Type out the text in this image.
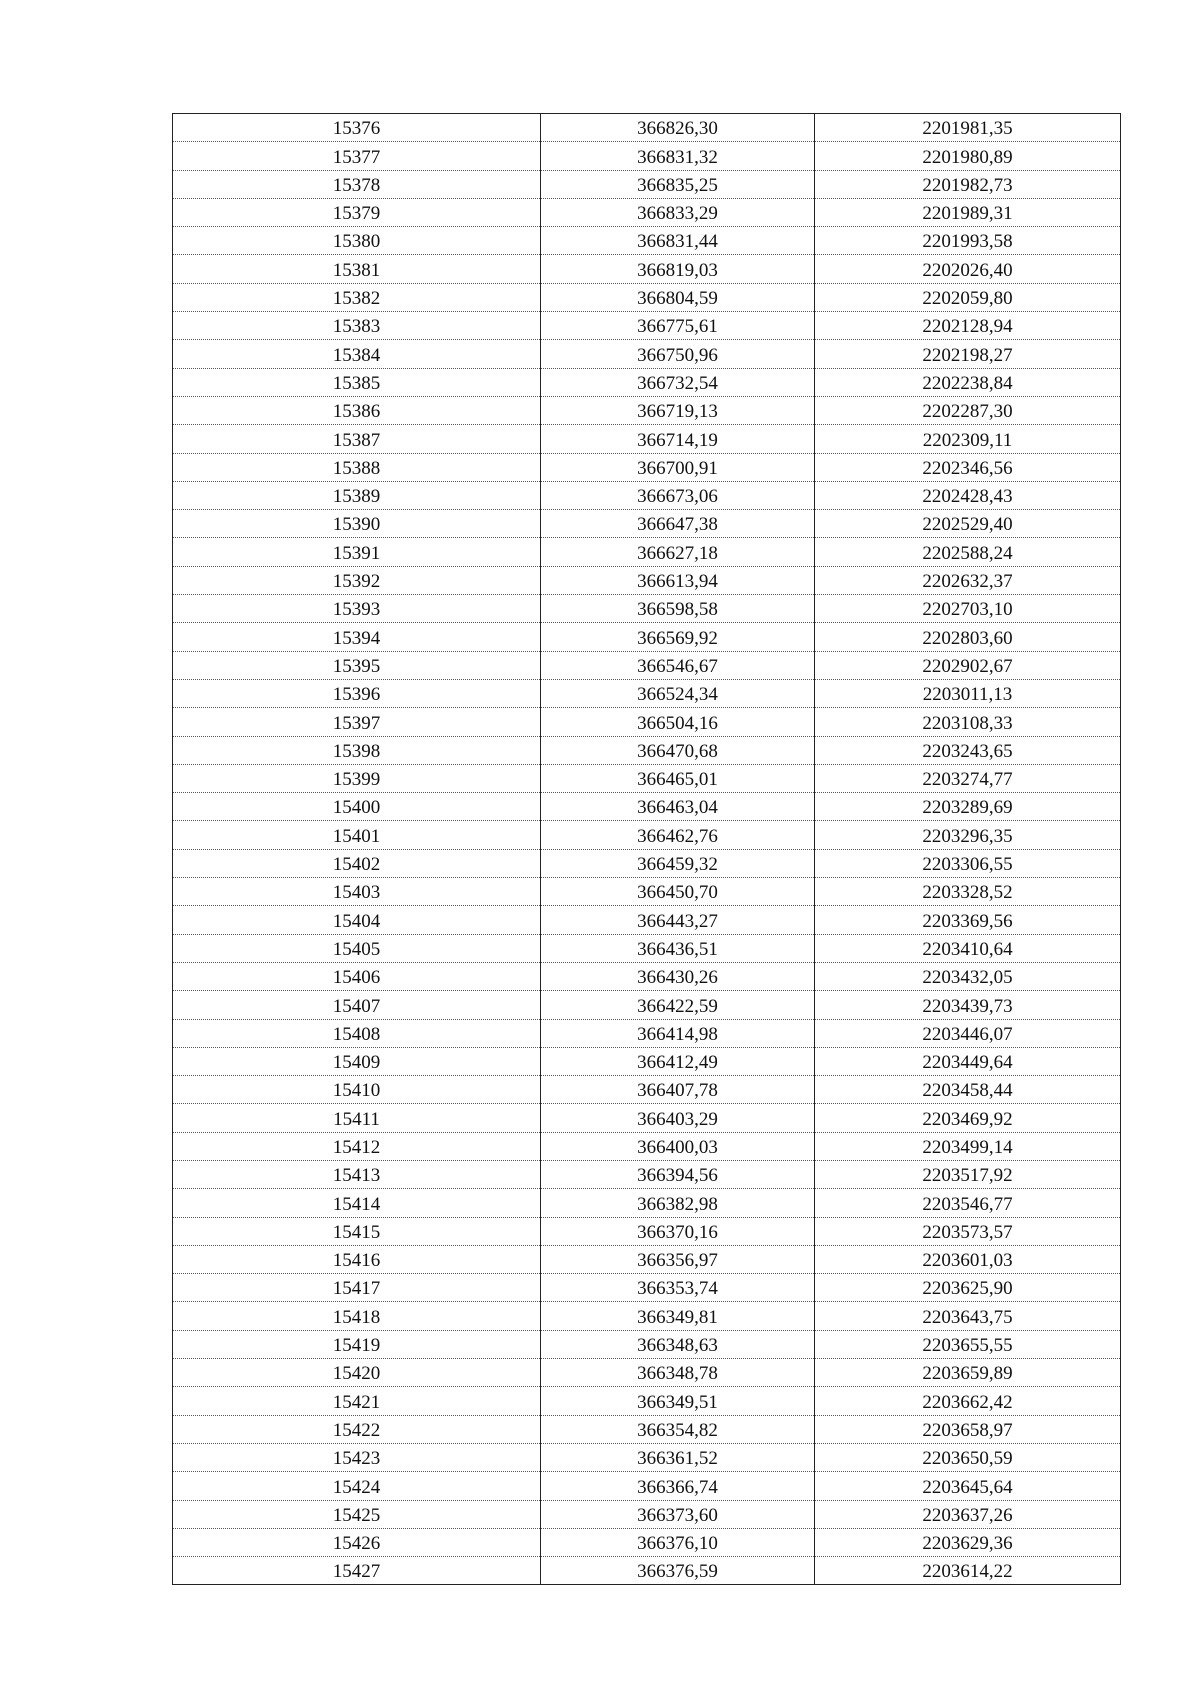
15376	366826,30	2201981,35
15377	366831,32	2201980,89
15378	366835,25	2201982,73
15379	366833,29	2201989,31
15380	366831,44	2201993,58
15381	366819,03	2202026,40
15382	366804,59	2202059,80
15383	366775,61	2202128,94
15384	366750,96	2202198,27
15385	366732,54	2202238,84
15386	366719,13	2202287,30
15387	366714,19	2202309,11
15388	366700,91	2202346,56
15389	366673,06	2202428,43
15390	366647,38	2202529,40
15391	366627,18	2202588,24
15392	366613,94	2202632,37
15393	366598,58	2202703,10
15394	366569,92	2202803,60
15395	366546,67	2202902,67
15396	366524,34	2203011,13
15397	366504,16	2203108,33
15398	366470,68	2203243,65
15399	366465,01	2203274,77
15400	366463,04	2203289,69
15401	366462,76	2203296,35
15402	366459,32	2203306,55
15403	366450,70	2203328,52
15404	366443,27	2203369,56
15405	366436,51	2203410,64
15406	366430,26	2203432,05
15407	366422,59	2203439,73
15408	366414,98	2203446,07
15409	366412,49	2203449,64
15410	366407,78	2203458,44
15411	366403,29	2203469,92
15412	366400,03	2203499,14
15413	366394,56	2203517,92
15414	366382,98	2203546,77
15415	366370,16	2203573,57
15416	366356,97	2203601,03
15417	366353,74	2203625,90
15418	366349,81	2203643,75
15419	366348,63	2203655,55
15420	366348,78	2203659,89
15421	366349,51	2203662,42
15422	366354,82	2203658,97
15423	366361,52	2203650,59
15424	366366,74	2203645,64
15425	366373,60	2203637,26
15426	366376,10	2203629,36
15427	366376,59	2203614,22
